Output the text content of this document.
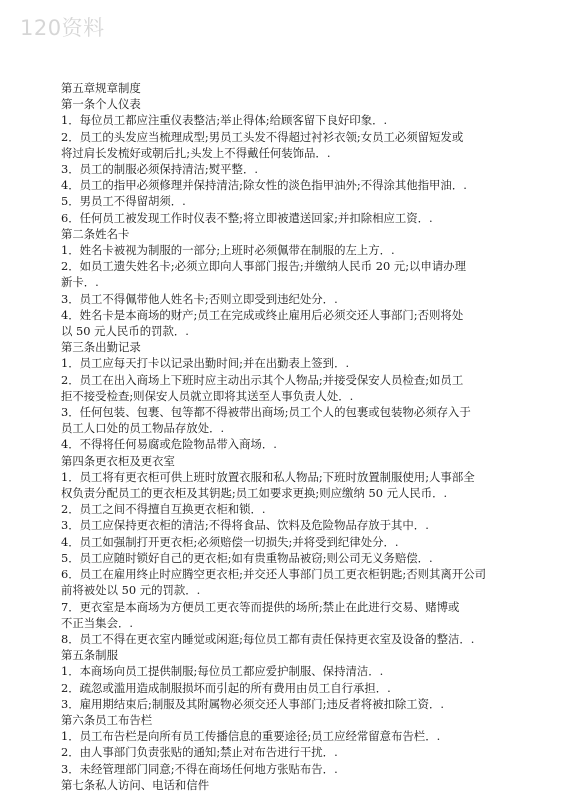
120资料
第五章规章制度
第一条个人仪表
1．每位员工都应注重仪表整洁;举止得体;给顾客留下良好印象．.
2．员工的头发应当梳理成型;男员工头发不得超过衬衫衣领;女员工必须留短发或
将过肩长发梳好或朝后扎;头发上不得戴任何装饰品．.
3．员工的制服必须保持清洁;熨平整．.
4．员工的指甲必须修理并保持清洁;除女性的淡色指甲油外;不得涂其他指甲油．.
5．男员工不得留胡须．.
6．任何员工被发现工作时仪表不整;将立即被遣送回家;并扣除相应工资．.
第二条姓名卡
1．姓名卡被视为制服的一部分;上班时必须佩带在制服的左上方．.
2．如员工遗失姓名卡;必须立即向人事部门报告;并缴纳人民币 20 元;以申请办理
新卡．.
3．员工不得佩带他人姓名卡;否则立即受到违纪处分．.
4．姓名卡是本商场的财产;员工在完成或终止雇用后必须交还人事部门;否则将处
以 50 元人民币的罚款．.
第三条出勤记录
1．员工应每天打卡以记录出勤时间;并在出勤表上签到．.
2．员工在出入商场上下班时应主动出示其个人物品;并接受保安人员检查;如员工
拒不接受检查;则保安人员就立即将其送至人事负责人处．.
3．任何包装、包裹、包等都不得被带出商场;员工个人的包裹或包装物必须存入于
员工人口处的员工物品存放处．.
4．不得将任何易腐或危险物品带入商场．.
第四条更衣柜及更衣室
1．员工将有更衣柜可供上班时放置衣服和私人物品;下班时放置制服使用;人事部全
权负责分配员工的更衣柜及其钥匙;员工如要求更换;则应缴纳 50 元人民币．.
2．员工之间不得擅自互换更衣柜和锁．.
3．员工应保持更衣柜的清洁;不得将食品、饮料及危险物品存放于其中．.
4．员工如强制打开更衣柜;必须赔偿一切损失;并将受到纪律处分．.
5．员工应随时锁好自己的更衣柜;如有贵重物品被窃;则公司无义务赔偿．.
6．员工在雇用终止时应腾空更衣柜;并交还人事部门员工更衣柜钥匙;否则其离开公司
前将被处以 50 元的罚款．.
7．更衣室是本商场为方便员工更衣等而提供的场所;禁止在此进行交易、赌博或
不正当集会．.
8．员工不得在更衣室内睡觉或闲逛;每位员工都有责任保持更衣室及设备的整洁．.
第五条制服
1．本商场向员工提供制服;每位员工都应爱护制服、保持清洁．.
2．疏忽或滥用造成制服损坏而引起的所有费用由员工自行承担．.
3．雇用期结束后;制服及其附属物必须交还人事部门;违反者将被扣除工资．.
第六条员工布告栏
1．员工布告栏是向所有员工传播信息的重要途径;员工应经常留意布告栏．.
2．由人事部门负责张贴的通知;禁止对布告进行干扰．.
3．未经管理部门同意;不得在商场任何地方张贴布告．.
第七条私人访问、电话和信件
